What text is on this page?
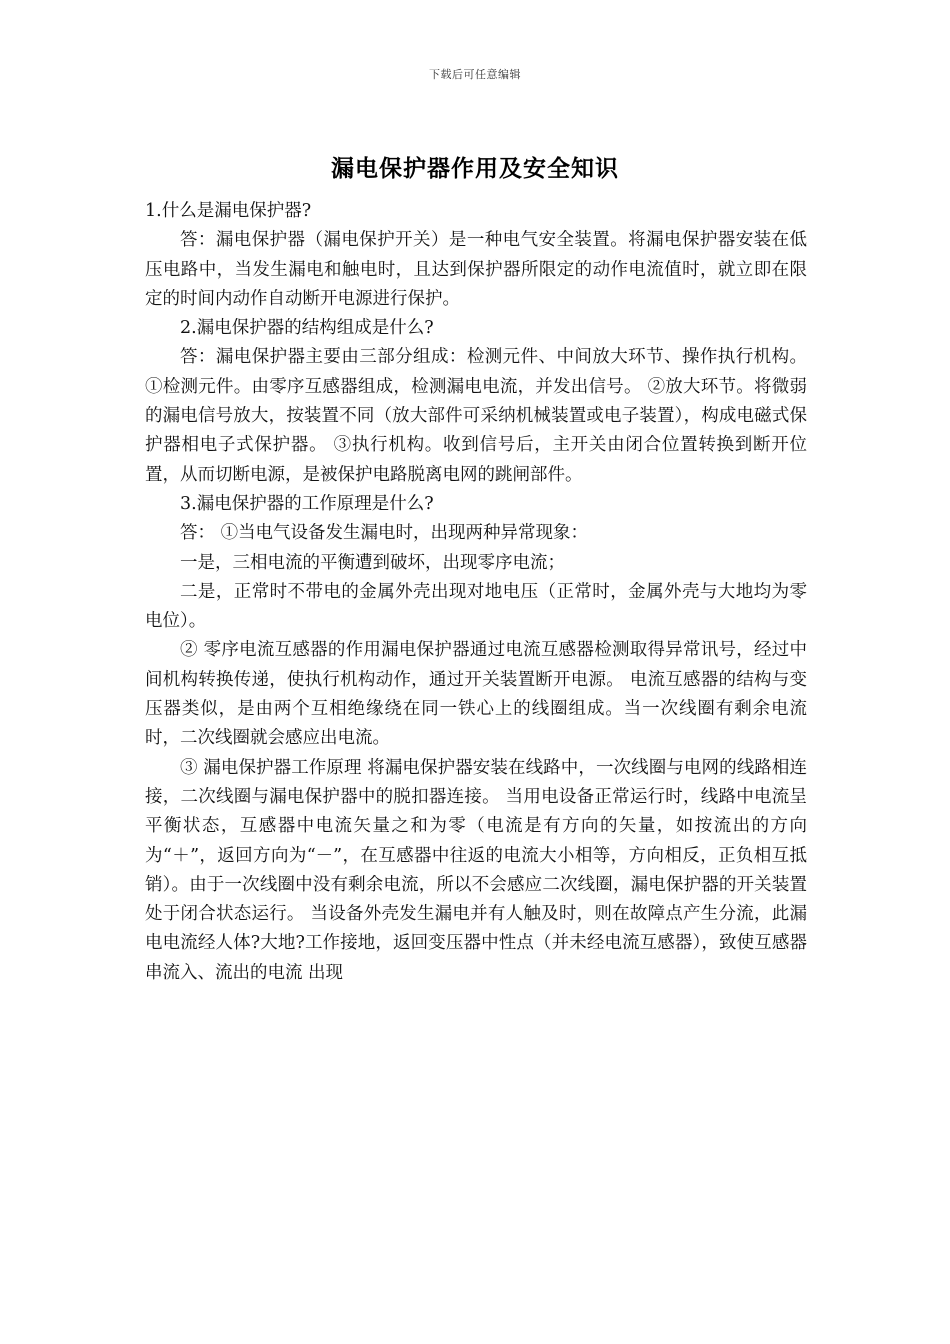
下载后可任意编辑
漏电保护器作用及安全知识

1.什么是漏电保护器?

答：漏电保护器（漏电保护开关）是一种电气安全装置。将漏电保护器安装在低压电路中，当发生漏电和触电时，且达到保护器所限定的动作电流值时，就立即在限定的时间内动作自动断开电源进行保护。

2.漏电保护器的结构组成是什么?

答：漏电保护器主要由三部分组成：检测元件、中间放大环节、操作执行机构。 ①检测元件。由零序互感器组成，检测漏电电流，并发出信号。 ②放大环节。将微弱的漏电信号放大，按装置不同（放大部件可采纳机械装置或电子装置），构成电磁式保护器相电子式保护器。 ③执行机构。收到信号后，主开关由闭合位置转换到断开位置，从而切断电源，是被保护电路脱离电网的跳闸部件。

3.漏电保护器的工作原理是什么?

答： ①当电气设备发生漏电时，出现两种异常现象：

一是，三相电流的平衡遭到破坏，出现零序电流；

二是，正常时不带电的金属外壳出现对地电压（正常时，金属外壳与大地均为零电位）。

② 零序电流互感器的作用漏电保护器通过电流互感器检测取得异常讯号，经过中间机构转换传递，使执行机构动作，通过开关装置断开电源。 电流互感器的结构与变压器类似，是由两个互相绝缘绕在同一铁心上的线圈组成。当一次线圈有剩余电流时，二次线圈就会感应出电流。

③ 漏电保护器工作原理 将漏电保护器安装在线路中，一次线圈与电网的线路相连接，二次线圈与漏电保护器中的脱扣器连接。 当用电设备正常运行时，线路中电流呈平衡状态，互感器中电流矢量之和为零（电流是有方向的矢量，如按流出的方向为“＋”，返回方向为“－”，在互感器中往返的电流大小相等，方向相反，正负相互抵销）。由于一次线圈中没有剩余电流，所以不会感应二次线圈，漏电保护器的开关装置处于闭合状态运行。 当设备外壳发生漏电并有人触及时，则在故障点产生分流，此漏电电流经人体?大地?工作接地，返回变压器中性点（并未经电流互感器），致使互感器串流入、流出的电流 出现
